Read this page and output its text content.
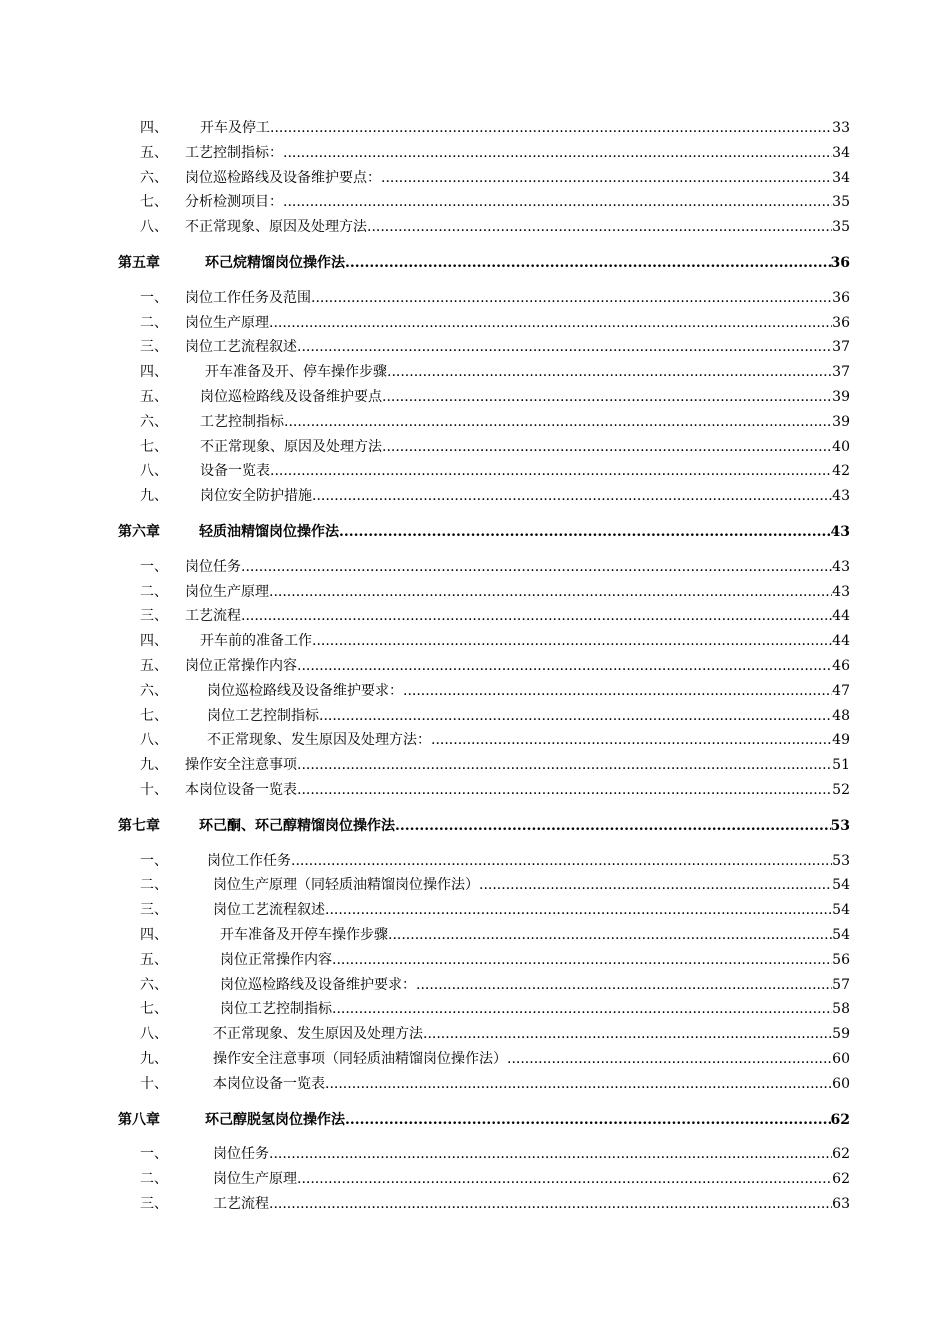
四、 开车及停工 .....	33
五、 工艺控制指标： .....	34
六、 岗位巡检路线及设备维护要点： .....	34
七、 分析检测项目： .....	35
八、 不正常现象、原因及处理方法 .....	35
第五章	环己烷精馏岗位操作法 .....	36
一、 岗位工作任务及范围 .....	36
二、 岗位生产原理 .....	36
三、 岗位工艺流程叙述 .....	37
四、	开车准备及开、停车操作步骤 .....	37
五、 岗位巡检路线及设备维护要点 .....	39
六、 工艺控制指标 .....	39
七、 不正常现象、原因及处理方法 .....	40
八、 设备一览表 .....	42
九、 岗位安全防护措施 .....	43
第六章	轻质油精馏岗位操作法 .....	43
一、 岗位任务 .....	43
二、 岗位生产原理 .....	43
三、 工艺流程 .....	44
四、 开车前的准备工作 .....	44
五、 岗位正常操作内容 .....	46
六、	岗位巡检路线及设备维护要求： .....	47
七、	岗位工艺控制指标 .....	48
八、	不正常现象、发生原因及处理方法： .....	49
九、 操作安全注意事项 .....	51
十、 本岗位设备一览表 .....	52
第七章	环己酮、环己醇精馏岗位操作法 .....	53
一、	岗位工作任务 .....	53
二、	岗位生产原理（同轻质油精馏岗位操作法） .....	54
三、	岗位工艺流程叙述 .....	54
四、	开车准备及开停车操作步骤 .....	54
五、	岗位正常操作内容 .....	56
六、	岗位巡检路线及设备维护要求： .....	57
七、	岗位工艺控制指标 .....	58
八、	不正常现象、发生原因及处理方法 .....	59
九、	操作安全注意事项（同轻质油精馏岗位操作法） .....	60
十、	本岗位设备一览表 .....	60
第八章	环己醇脱氢岗位操作法 .....	62
一、	岗位任务 .....	62
二、	岗位生产原理 .....	62
三、	工艺流程 .....	63
